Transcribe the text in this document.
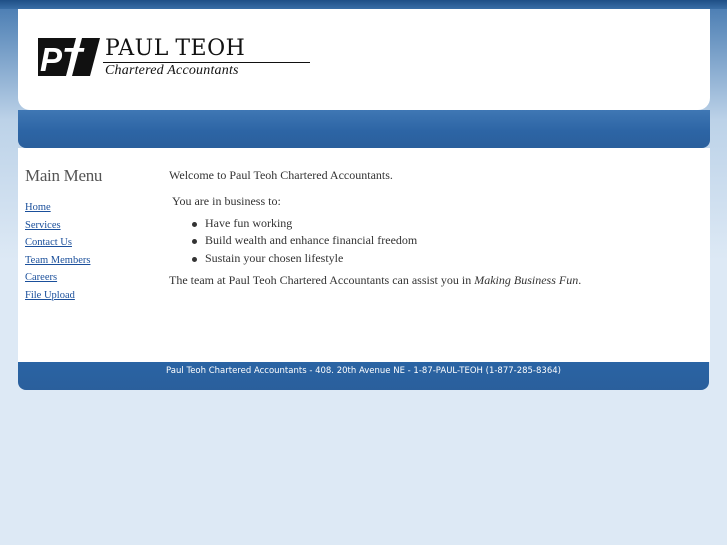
PT PAUL TEOH
Chartered Accountants
Main Menu
Home
Services
Contact Us
Team Members
Careers
File Upload

Welcome to Paul Teoh Chartered Accountants.

You are in business to:

Have fun working
Build wealth and enhance financial freedom
Sustain your chosen lifestyle

The team at Paul Teoh Chartered Accountants can assist you in Making Business Fun.

Paul Teoh Chartered Accountants - 408. 20th Avenue NE - 1-87-PAUL-TEOH (1-877-285-8364)
